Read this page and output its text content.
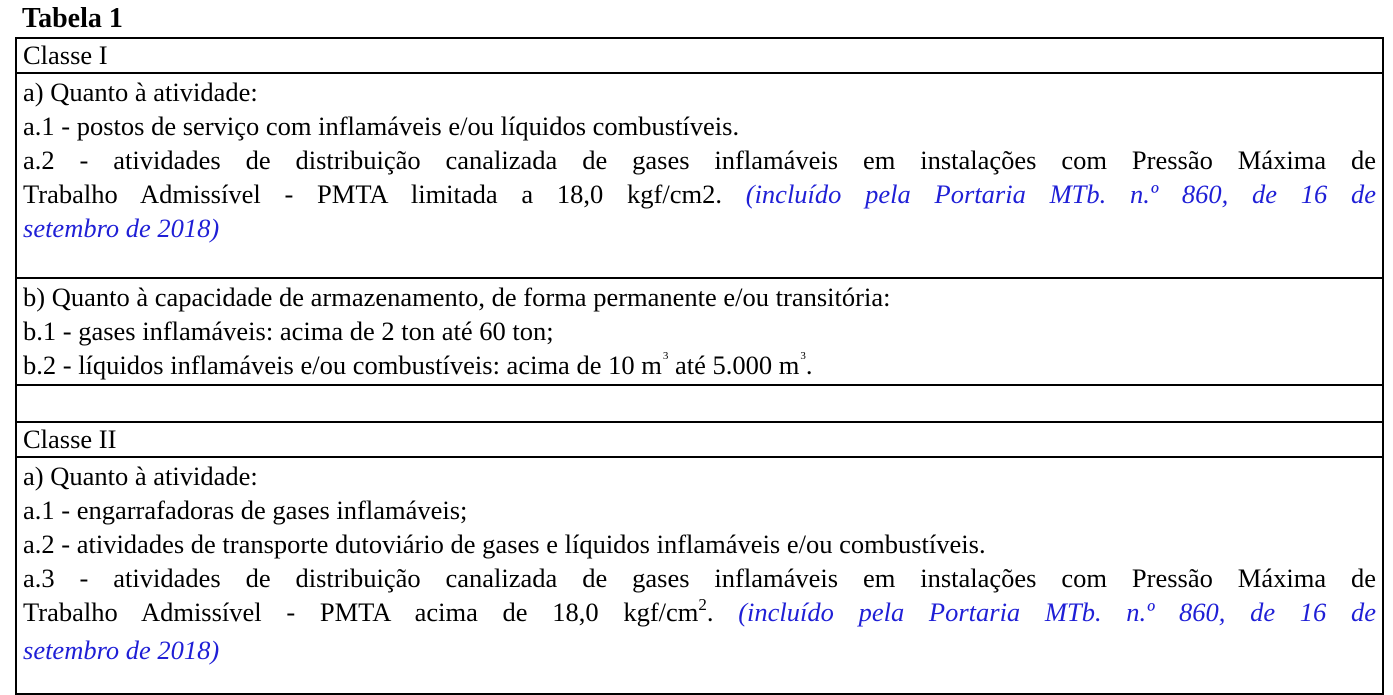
Tabela 1
Classe I
a) Quanto à atividade:
a.1 - postos de serviço com inflamáveis e/ou líquidos combustíveis.
a.2 - atividades de distribuição canalizada de gases inflamáveis em instalações com Pressão Máxima de
Trabalho Admissível - PMTA limitada a 18,0 kgf/cm2. (incluído pela Portaria MTb. n.º 860, de 16 de
setembro de 2018)
b) Quanto à capacidade de armazenamento, de forma permanente e/ou transitória:
b.1 - gases inflamáveis: acima de 2 ton até 60 ton;
b.2 - líquidos inflamáveis e/ou combustíveis: acima de 10 $m^3$ até 5.000 $m^3$.
Classe II
a) Quanto à atividade:
a.1 - engarrafadoras de gases inflamáveis;
a.2 - atividades de transporte dutoviário de gases e líquidos inflamáveis e/ou combustíveis.
a.3 - atividades de distribuição canalizada de gases inflamáveis em instalações com Pressão Máxima de
Trabalho Admissível - PMTA acima de 18,0 kgf/$cm^2$. (incluído pela Portaria MTb. n.º 860, de 16 de
setembro de 2018)
